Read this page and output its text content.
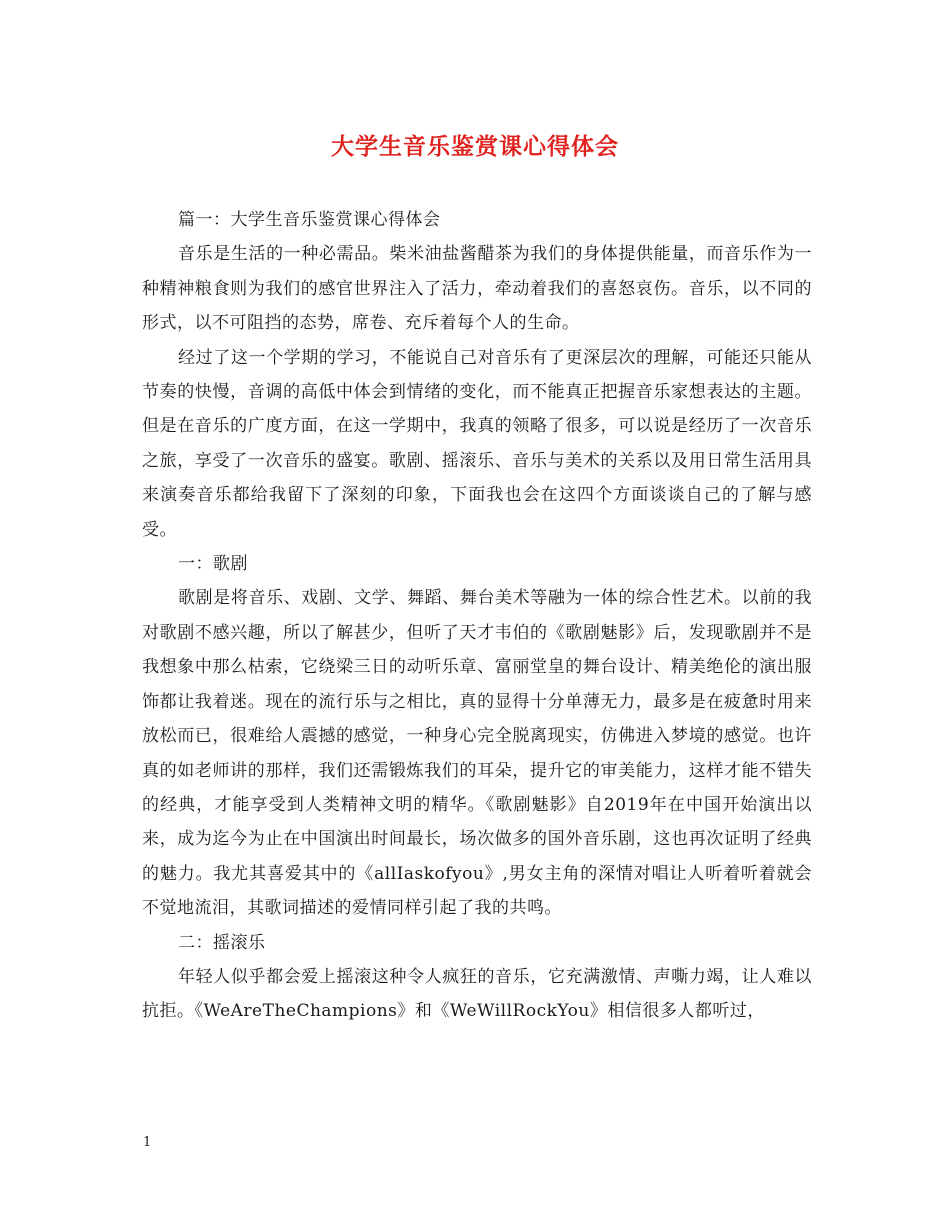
大学生音乐鉴赏课心得体会

篇一：大学生音乐鉴赏课心得体会

音乐是生活的一种必需品。柴米油盐酱醋茶为我们的身体提供能量，而音乐作为一种精神粮食则为我们的感官世界注入了活力，牵动着我们的喜怒哀伤。音乐，以不同的形式，以不可阻挡的态势，席卷、充斥着每个人的生命。

经过了这一个学期的学习，不能说自己对音乐有了更深层次的理解，可能还只能从节奏的快慢，音调的高低中体会到情绪的变化，而不能真正把握音乐家想表达的主题。但是在音乐的广度方面，在这一学期中，我真的领略了很多，可以说是经历了一次音乐之旅，享受了一次音乐的盛宴。歌剧、摇滚乐、音乐与美术的关系以及用日常生活用具来演奏音乐都给我留下了深刻的印象，下面我也会在这四个方面谈谈自己的了解与感受。

一：歌剧

歌剧是将音乐、戏剧、文学、舞蹈、舞台美术等融为一体的综合性艺术。以前的我对歌剧不感兴趣，所以了解甚少，但听了天才韦伯的《歌剧魅影》后，发现歌剧并不是我想象中那么枯索，它绕梁三日的动听乐章、富丽堂皇的舞台设计、精美绝伦的演出服饰都让我着迷。现在的流行乐与之相比，真的显得十分单薄无力，最多是在疲惫时用来放松而已，很难给人震撼的感觉，一种身心完全脱离现实，仿佛进入梦境的感觉。也许真的如老师讲的那样，我们还需锻炼我们的耳朵，提升它的审美能力，这样才能不错失的经典，才能享受到人类精神文明的精华。《歌剧魅影》自2019年在中国开始演出以来，成为迄今为止在中国演出时间最长，场次做多的国外音乐剧，这也再次证明了经典的魅力。我尤其喜爱其中的《allIaskofyou》,男女主角的深情对唱让人听着听着就会不觉地流泪，其歌词描述的爱情同样引起了我的共鸣。

二：摇滚乐

年轻人似乎都会爱上摇滚这种令人疯狂的音乐，它充满激情、声嘶力竭，让人难以抗拒。《WeAreTheChampions》和《WeWillRockYou》相信很多人都听过，

1
